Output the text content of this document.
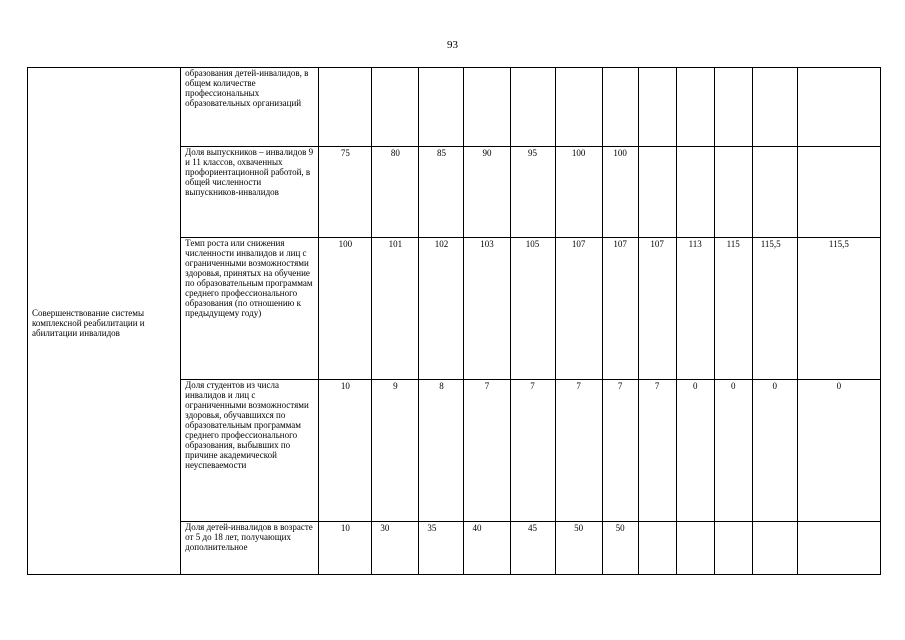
93
Совершенствование системы комплексной реабилитации и абилитации инвалидов	образования детей-инвалидов, в общем количестве профессиональных образовательных организаций												
	Доля выпускников – инвалидов 9 и 11 классов, охваченных профориентационной работой, в общей численности выпускников-инвалидов	75	80	85	90	95	100	100					
	Темп роста или снижения численности инвалидов и лиц с ограниченными возможностями здоровья, принятых на обучение по образовательным программам среднего профессионального образования (по отношению к предыдущему году)	100	101	102	103	105	107	107	107	113	115	115,5	115,5
	Доля студентов из числа инвалидов и лиц с ограниченными возможностями здоровья, обучавшихся по образовательным программам среднего профессионального образования, выбывших по причине академической неуспеваемости	10	9	8	7	7	7	7	7	0	0	0	0
	Доля детей-инвалидов в возрасте от 5 до 18 лет, получающих дополнительное	10	30	35	40	45	50	50					
